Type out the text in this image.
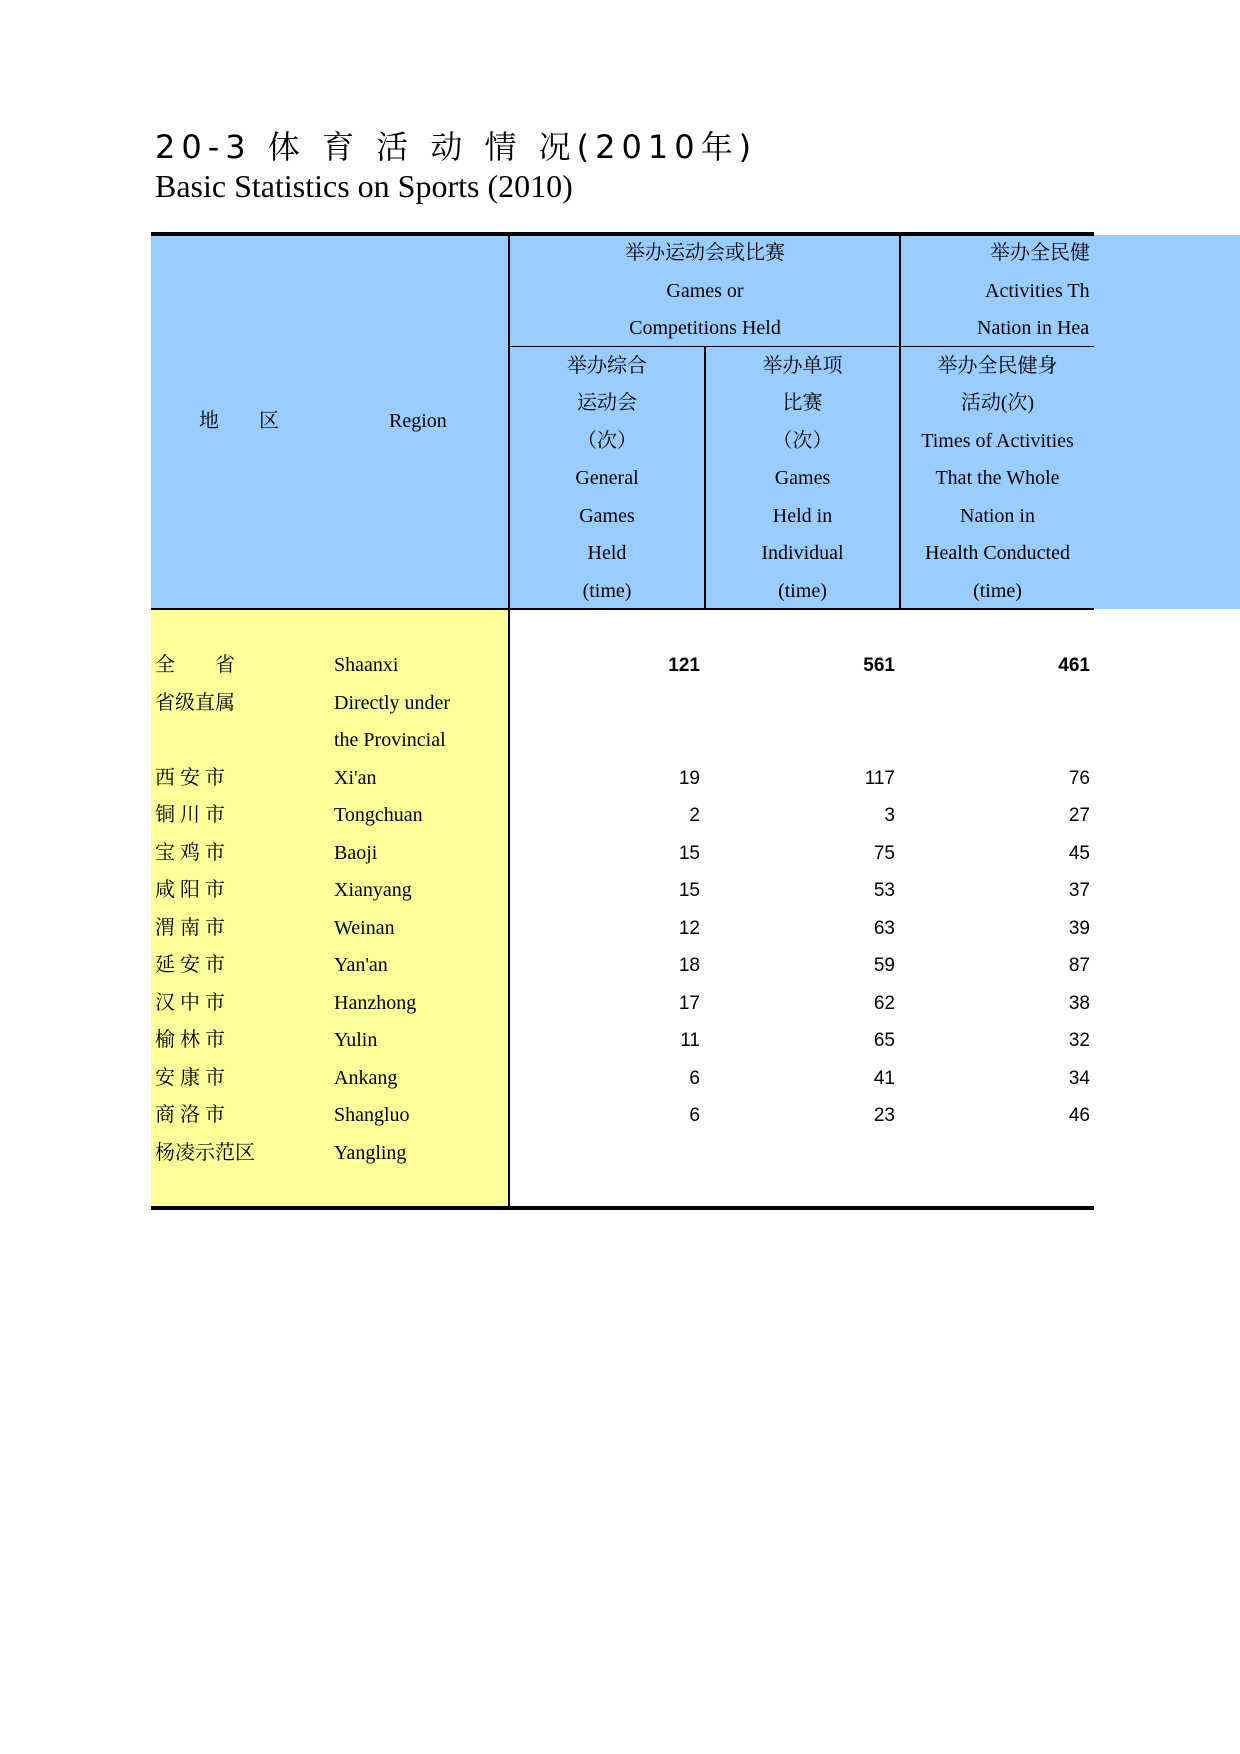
20-3 体 育 活 动 情 况(2010年)
Basic Statistics on Sports (2010)
地　　区	Region
举办运动会或比赛
Games or
Competitions Held
举办全民健
Activities Th
Nation in Hea
举办综合
运动会
（次）
General
Games
Held
(time)
举办单项
比赛
（次）
Games
Held in
Individual
(time)
举办全民健身
活动(次)
Times of Activities
That the Whole
Nation in
Health Conducted
(time)
全　　省	Shaanxi	121	561	461
省级直属	Directly under
the Provincial
西 安 市	Xi'an	19	117	76
铜 川 市	Tongchuan	2	3	27
宝 鸡 市	Baoji	15	75	45
咸 阳 市	Xianyang	15	53	37
渭 南 市	Weinan	12	63	39
延 安 市	Yan'an	18	59	87
汉 中 市	Hanzhong	17	62	38
榆 林 市	Yulin	11	65	32
安 康 市	Ankang	6	41	34
商 洛 市	Shangluo	6	23	46
杨凌示范区	Yangling
